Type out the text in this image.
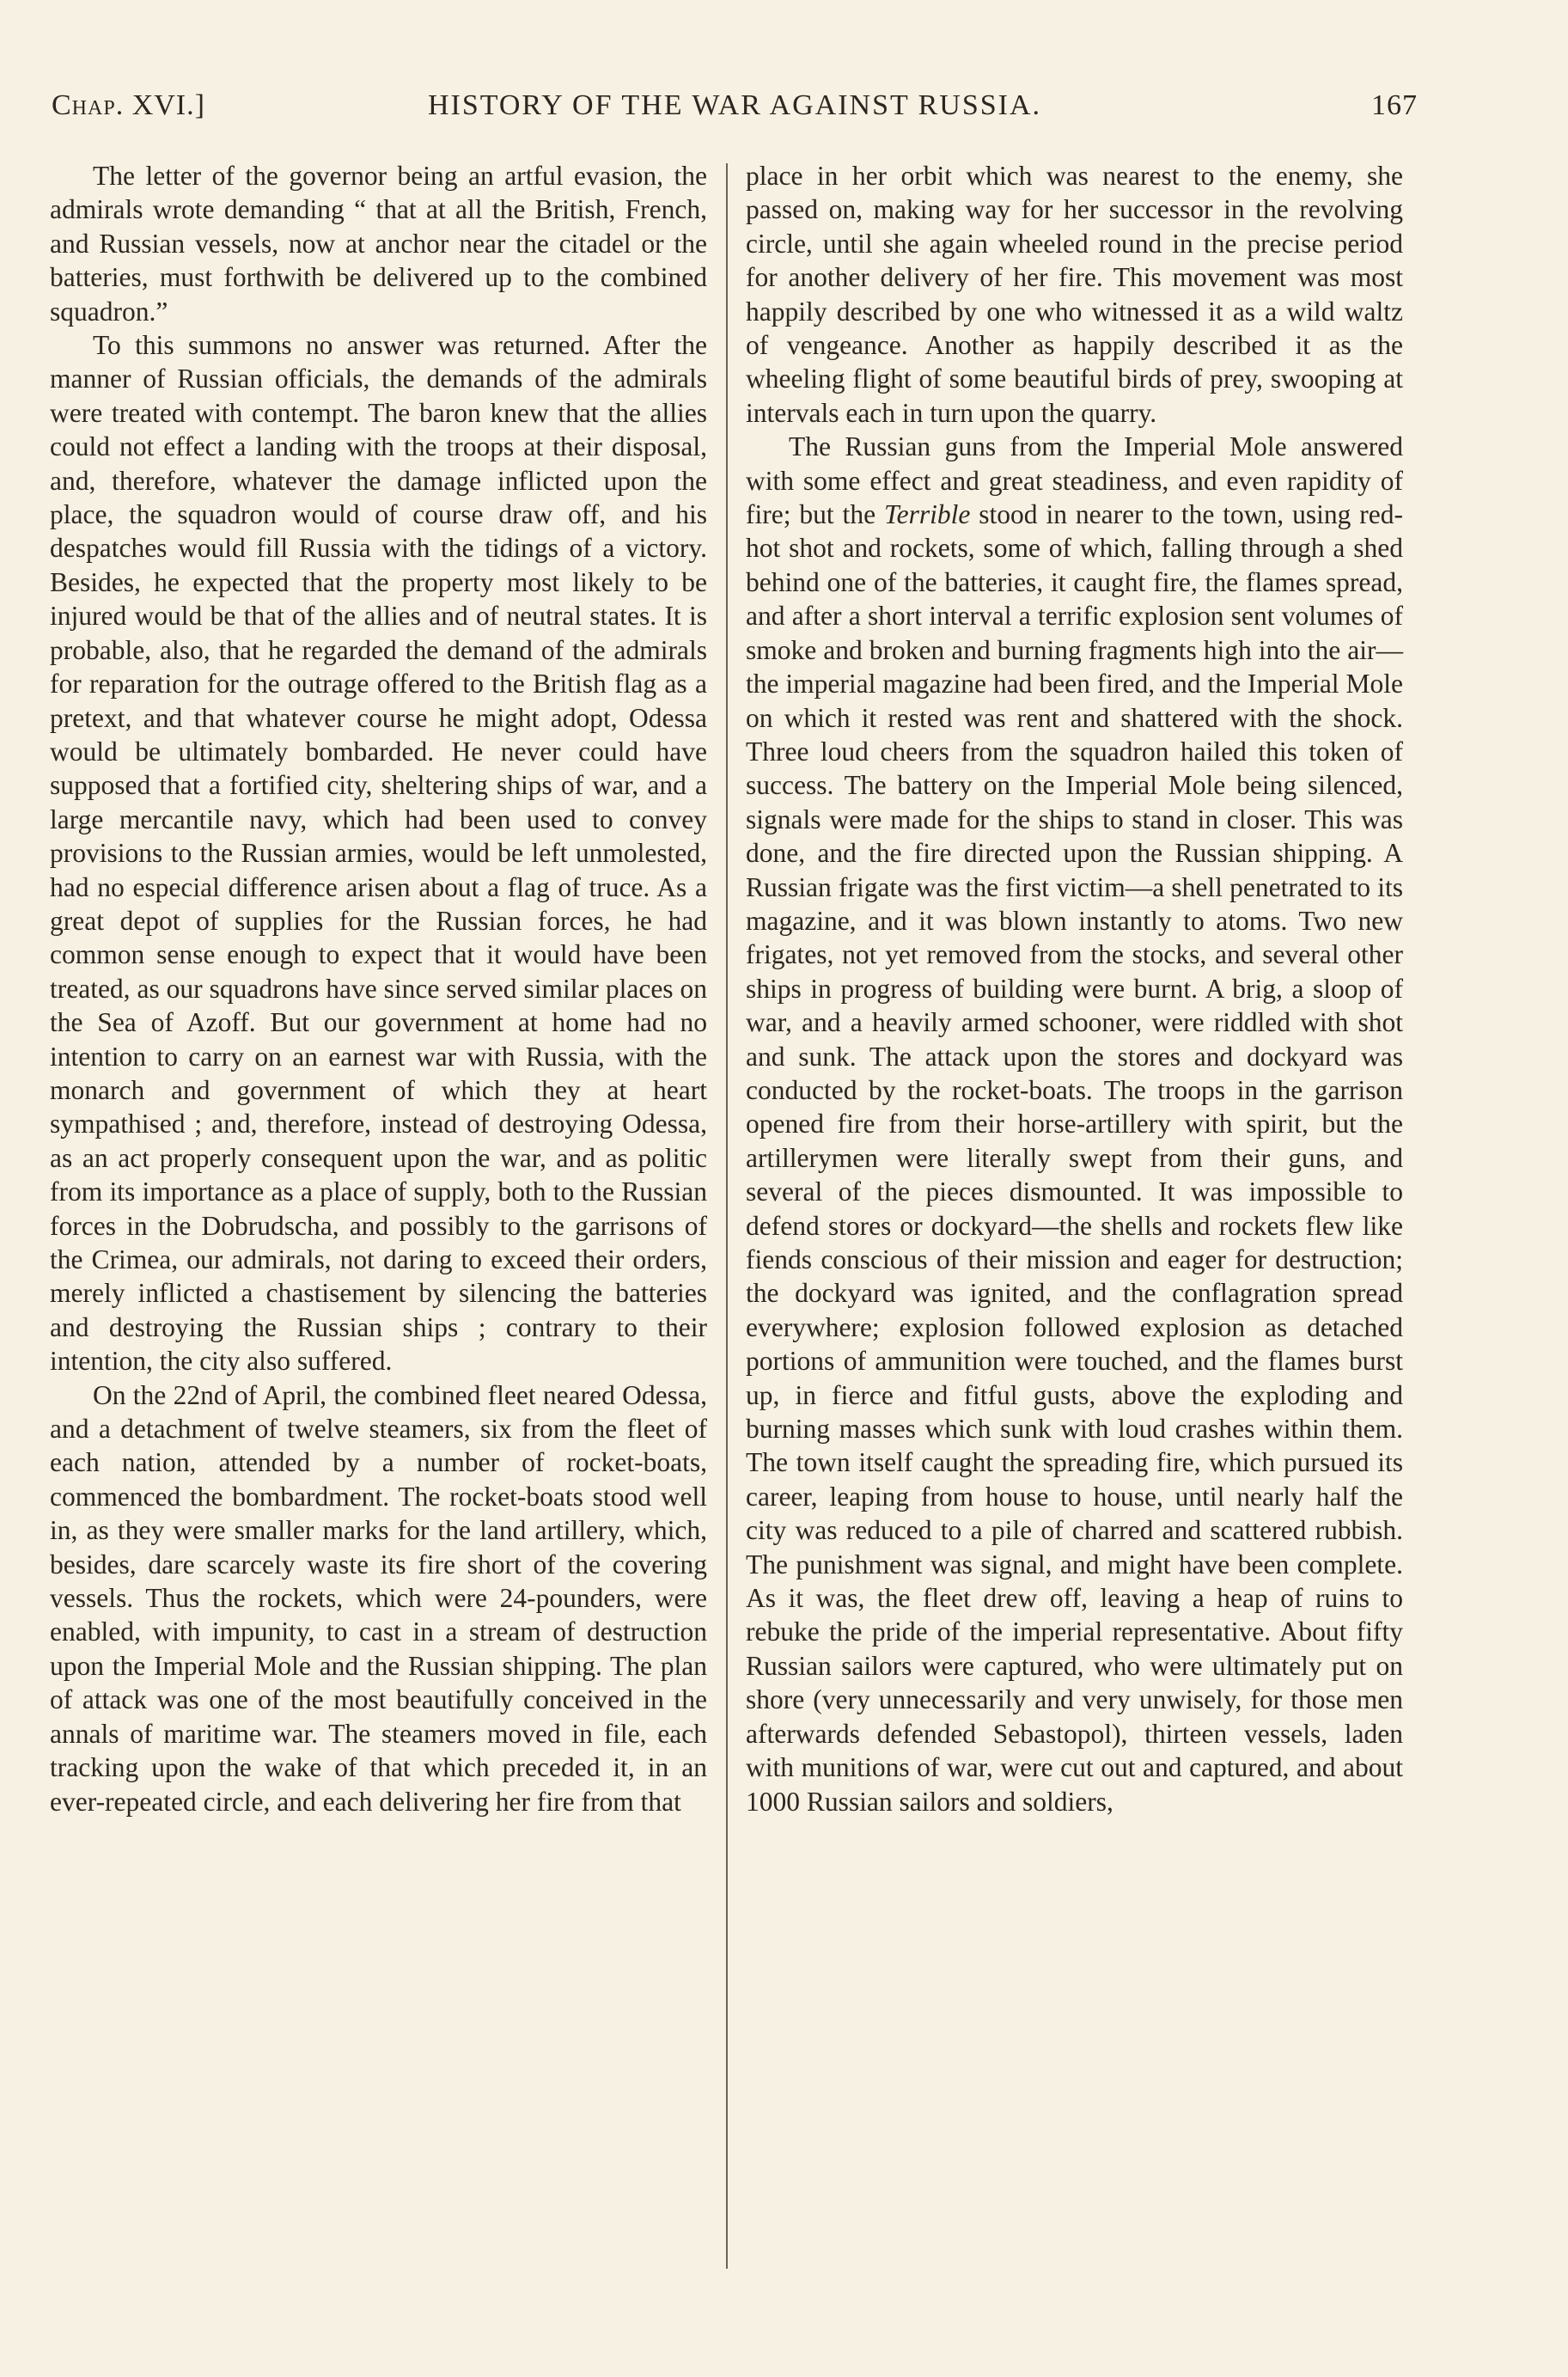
Chap. XVI.]	HISTORY OF THE WAR AGAINST RUSSIA.	167

The letter of the governor being an artful evasion, the admirals wrote demanding “ that at all the British, French, and Russian vessels, now at anchor near the citadel or the batteries, must forthwith be delivered up to the combined squadron.”

To this summons no answer was returned. After the manner of Russian officials, the demands of the admirals were treated with contempt. The baron knew that the allies could not effect a landing with the troops at their disposal, and, therefore, whatever the damage inflicted upon the place, the squadron would of course draw off, and his despatches would fill Russia with the tidings of a victory. Besides, he expected that the property most likely to be injured would be that of the allies and of neutral states. It is probable, also, that he regarded the demand of the admirals for reparation for the outrage offered to the British flag as a pretext, and that whatever course he might adopt, Odessa would be ultimately bombarded. He never could have supposed that a fortified city, sheltering ships of war, and a large mercantile navy, which had been used to convey provisions to the Russian armies, would be left unmolested, had no especial difference arisen about a flag of truce. As a great depot of supplies for the Russian forces, he had common sense enough to expect that it would have been treated, as our squadrons have since served similar places on the Sea of Azoff. But our government at home had no intention to carry on an earnest war with Russia, with the monarch and government of which they at heart sympathised ; and, therefore, instead of destroying Odessa, as an act properly consequent upon the war, and as politic from its importance as a place of supply, both to the Russian forces in the Dobrudscha, and possibly to the garrisons of the Crimea, our admirals, not daring to exceed their orders, merely inflicted a chastisement by silencing the batteries and destroying the Russian ships ; contrary to their intention, the city also suffered.

On the 22nd of April, the combined fleet neared Odessa, and a detachment of twelve steamers, six from the fleet of each nation, attended by a number of rocket-boats, commenced the bombardment. The rocket-boats stood well in, as they were smaller marks for the land artillery, which, besides, dare scarcely waste its fire short of the covering vessels. Thus the rockets, which were 24-pounders, were enabled, with impunity, to cast in a stream of destruction upon the Imperial Mole and the Russian shipping. The plan of attack was one of the most beautifully conceived in the annals of maritime war. The steamers moved in file, each tracking upon the wake of that which preceded it, in an ever-repeated circle, and each delivering her fire from that

place in her orbit which was nearest to the enemy, she passed on, making way for her successor in the revolving circle, until she again wheeled round in the precise period for another delivery of her fire. This movement was most happily described by one who witnessed it as a wild waltz of vengeance. Another as happily described it as the wheeling flight of some beautiful birds of prey, swooping at intervals each in turn upon the quarry.

The Russian guns from the Imperial Mole answered with some effect and great steadiness, and even rapidity of fire; but the Terrible stood in nearer to the town, using red-hot shot and rockets, some of which, falling through a shed behind one of the batteries, it caught fire, the flames spread, and after a short interval a terrific explosion sent volumes of smoke and broken and burning fragments high into the air—the imperial magazine had been fired, and the Imperial Mole on which it rested was rent and shattered with the shock. Three loud cheers from the squadron hailed this token of success. The battery on the Imperial Mole being silenced, signals were made for the ships to stand in closer. This was done, and the fire directed upon the Russian shipping. A Russian frigate was the first victim—a shell penetrated to its magazine, and it was blown instantly to atoms. Two new frigates, not yet removed from the stocks, and several other ships in progress of building were burnt. A brig, a sloop of war, and a heavily armed schooner, were riddled with shot and sunk. The attack upon the stores and dockyard was conducted by the rocket-boats. The troops in the garrison opened fire from their horse-artillery with spirit, but the artillerymen were literally swept from their guns, and several of the pieces dismounted. It was impossible to defend stores or dockyard—the shells and rockets flew like fiends conscious of their mission and eager for destruction; the dockyard was ignited, and the conflagration spread everywhere; explosion followed explosion as detached portions of ammunition were touched, and the flames burst up, in fierce and fitful gusts, above the exploding and burning masses which sunk with loud crashes within them. The town itself caught the spreading fire, which pursued its career, leaping from house to house, until nearly half the city was reduced to a pile of charred and scattered rubbish. The punishment was signal, and might have been complete. As it was, the fleet drew off, leaving a heap of ruins to rebuke the pride of the imperial representative. About fifty Russian sailors were captured, who were ultimately put on shore (very unnecessarily and very unwisely, for those men afterwards defended Sebastopol), thirteen vessels, laden with munitions of war, were cut out and captured, and about 1000 Russian sailors and soldiers,
